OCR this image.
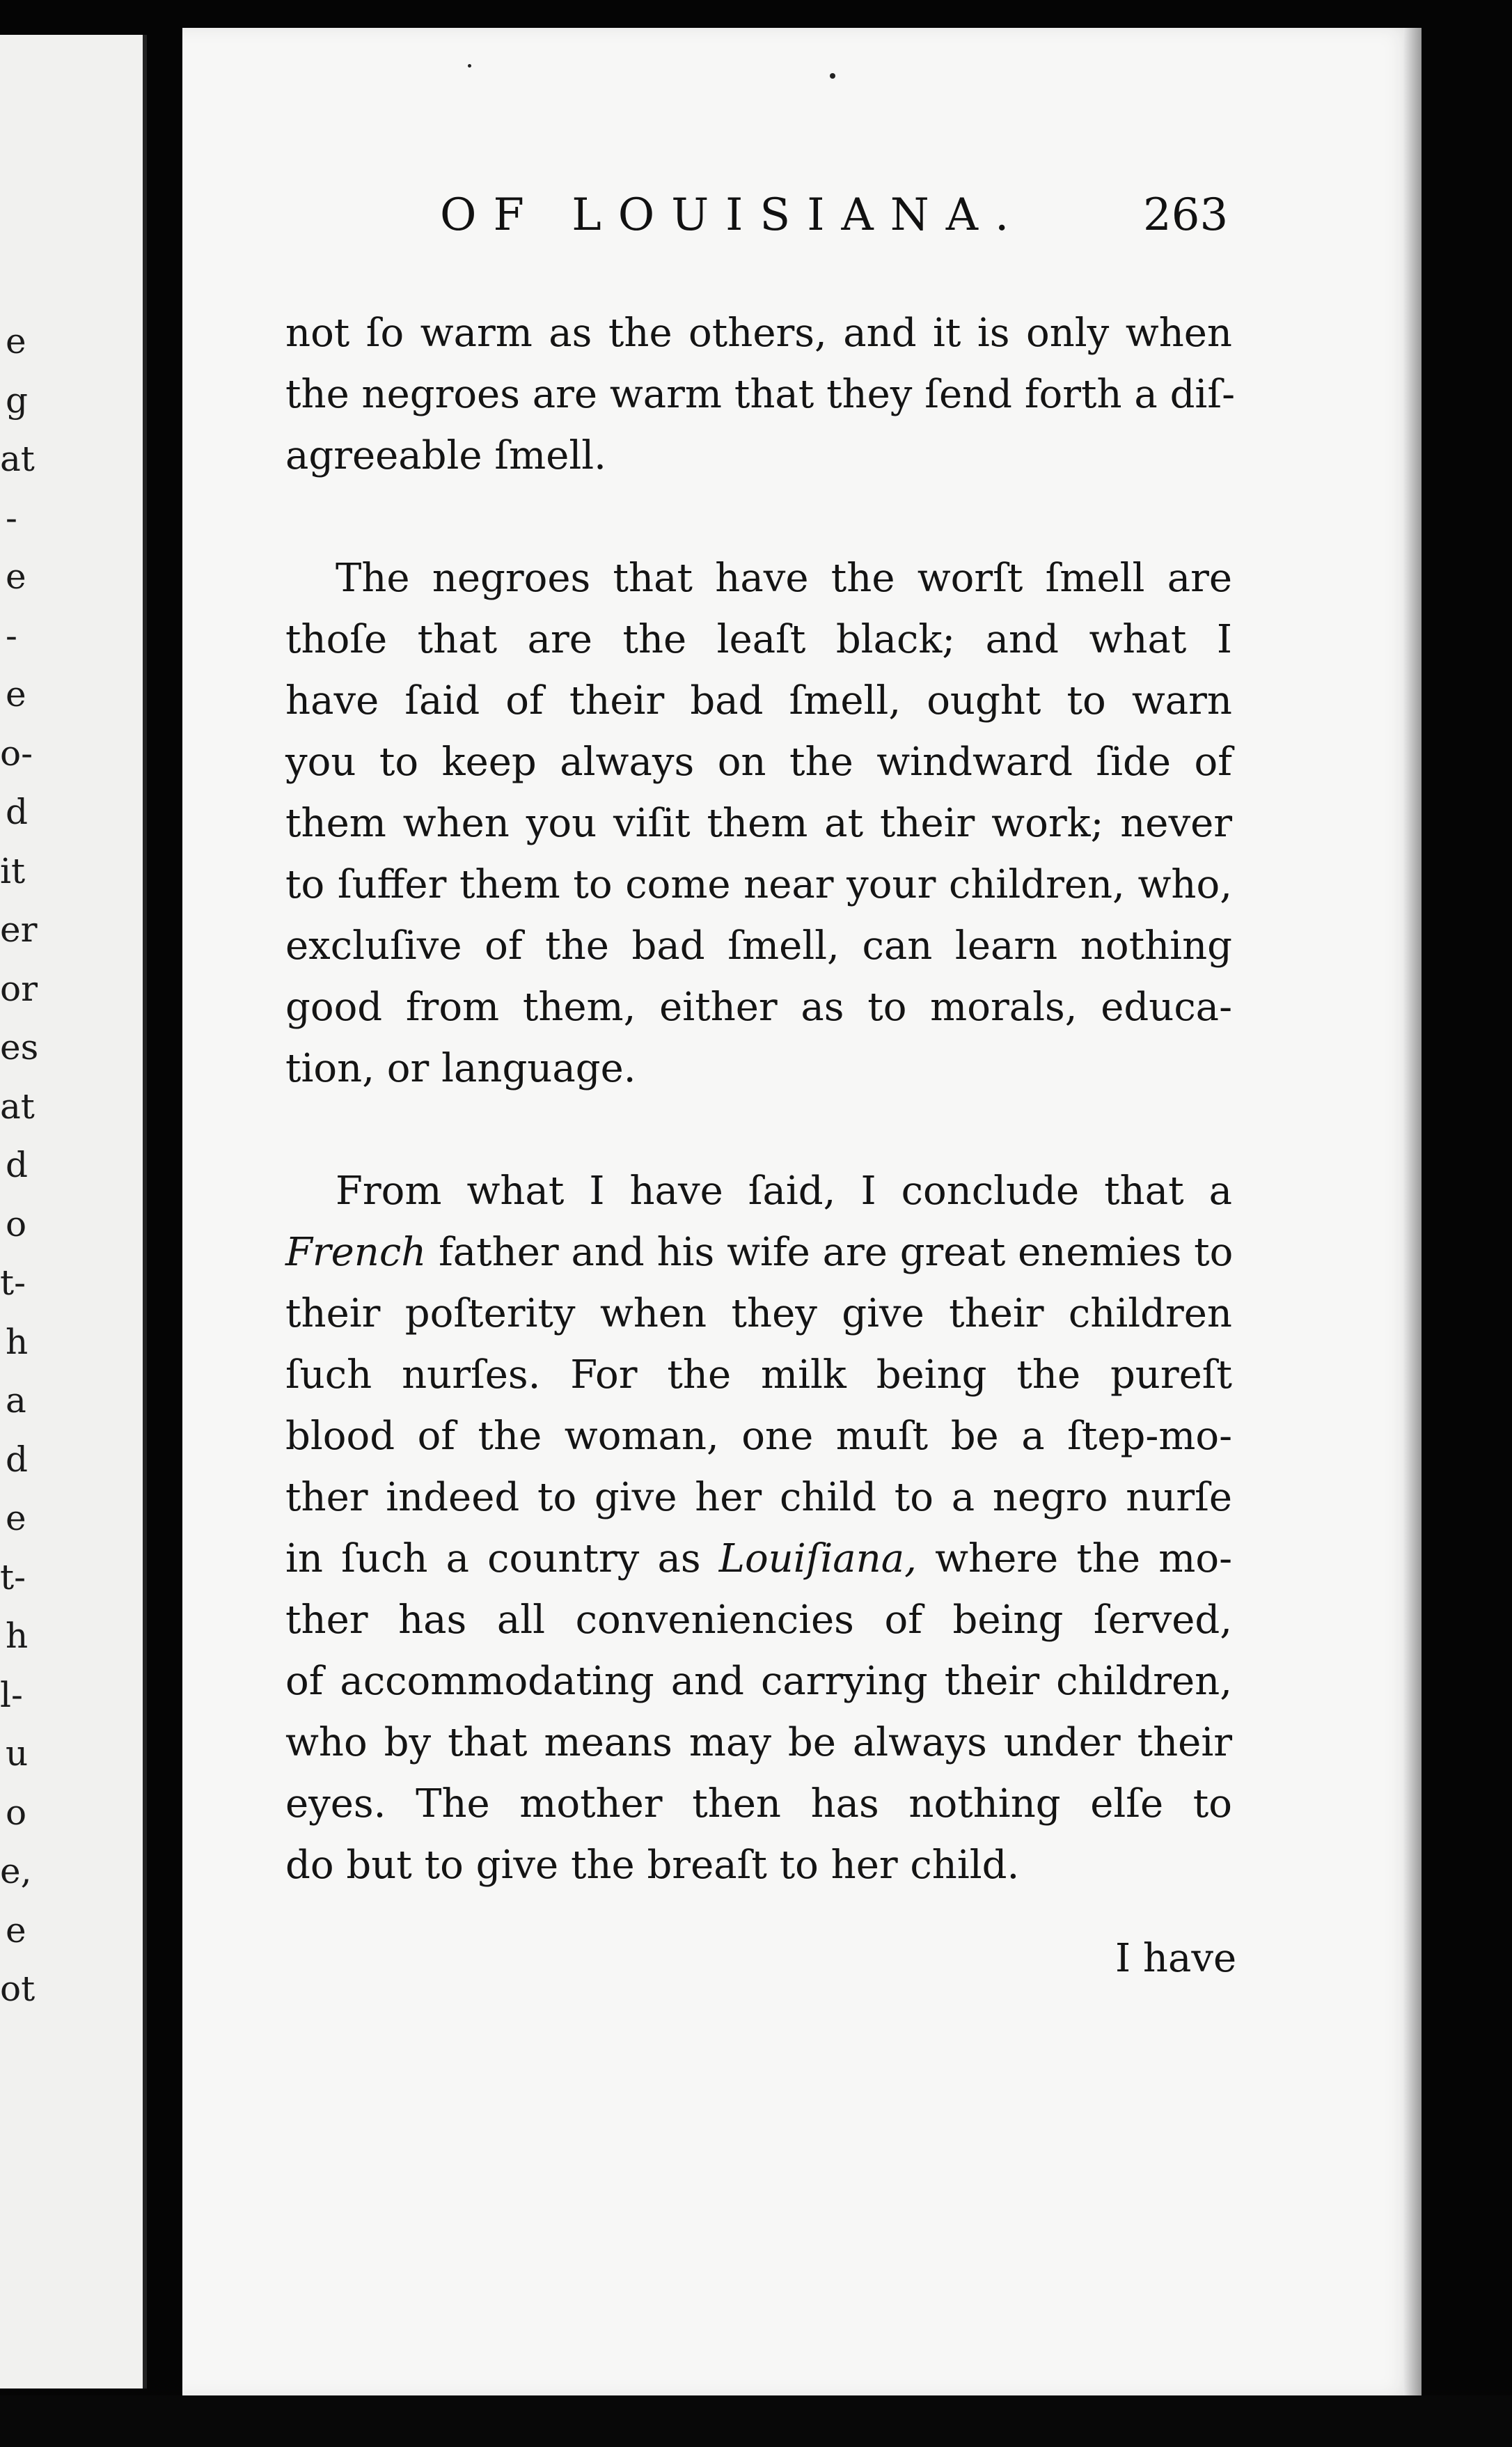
e
g
at
-
e
-
e
o-
d
it
er
or
es
at
d
o
t-
h
a
d
e
t-
h
l-
u
o
e,
e
ot
OF LOUISIANA.	263

not ſo warm as the others, and it is only when
the negroes are warm that they ſend forth a diſ-
agreeable ſmell.

The negroes that have the worſt ſmell are
thoſe that are the leaſt black; and what I
have ſaid of their bad ſmell, ought to warn
you to keep always on the windward ſide of
them when you viſit them at their work; never
to ſuffer them to come near your children, who,
excluſive of the bad ſmell, can learn nothing
good from them, either as to morals, educa-
tion, or language.

From what I have ſaid, I conclude that a
French father and his wife are great enemies to
their poſterity when they give their children
ſuch nurſes. For the milk being the pureſt
blood of the woman, one muſt be a ſtep-mo-
ther indeed to give her child to a negro nurſe
in ſuch a country as Louiſiana, where the mo-
ther has all conveniencies of being ſerved,
of accommodating and carrying their children,
who by that means may be always under their
eyes. The mother then has nothing elſe to
do but to give the breaſt to her child.

I have
